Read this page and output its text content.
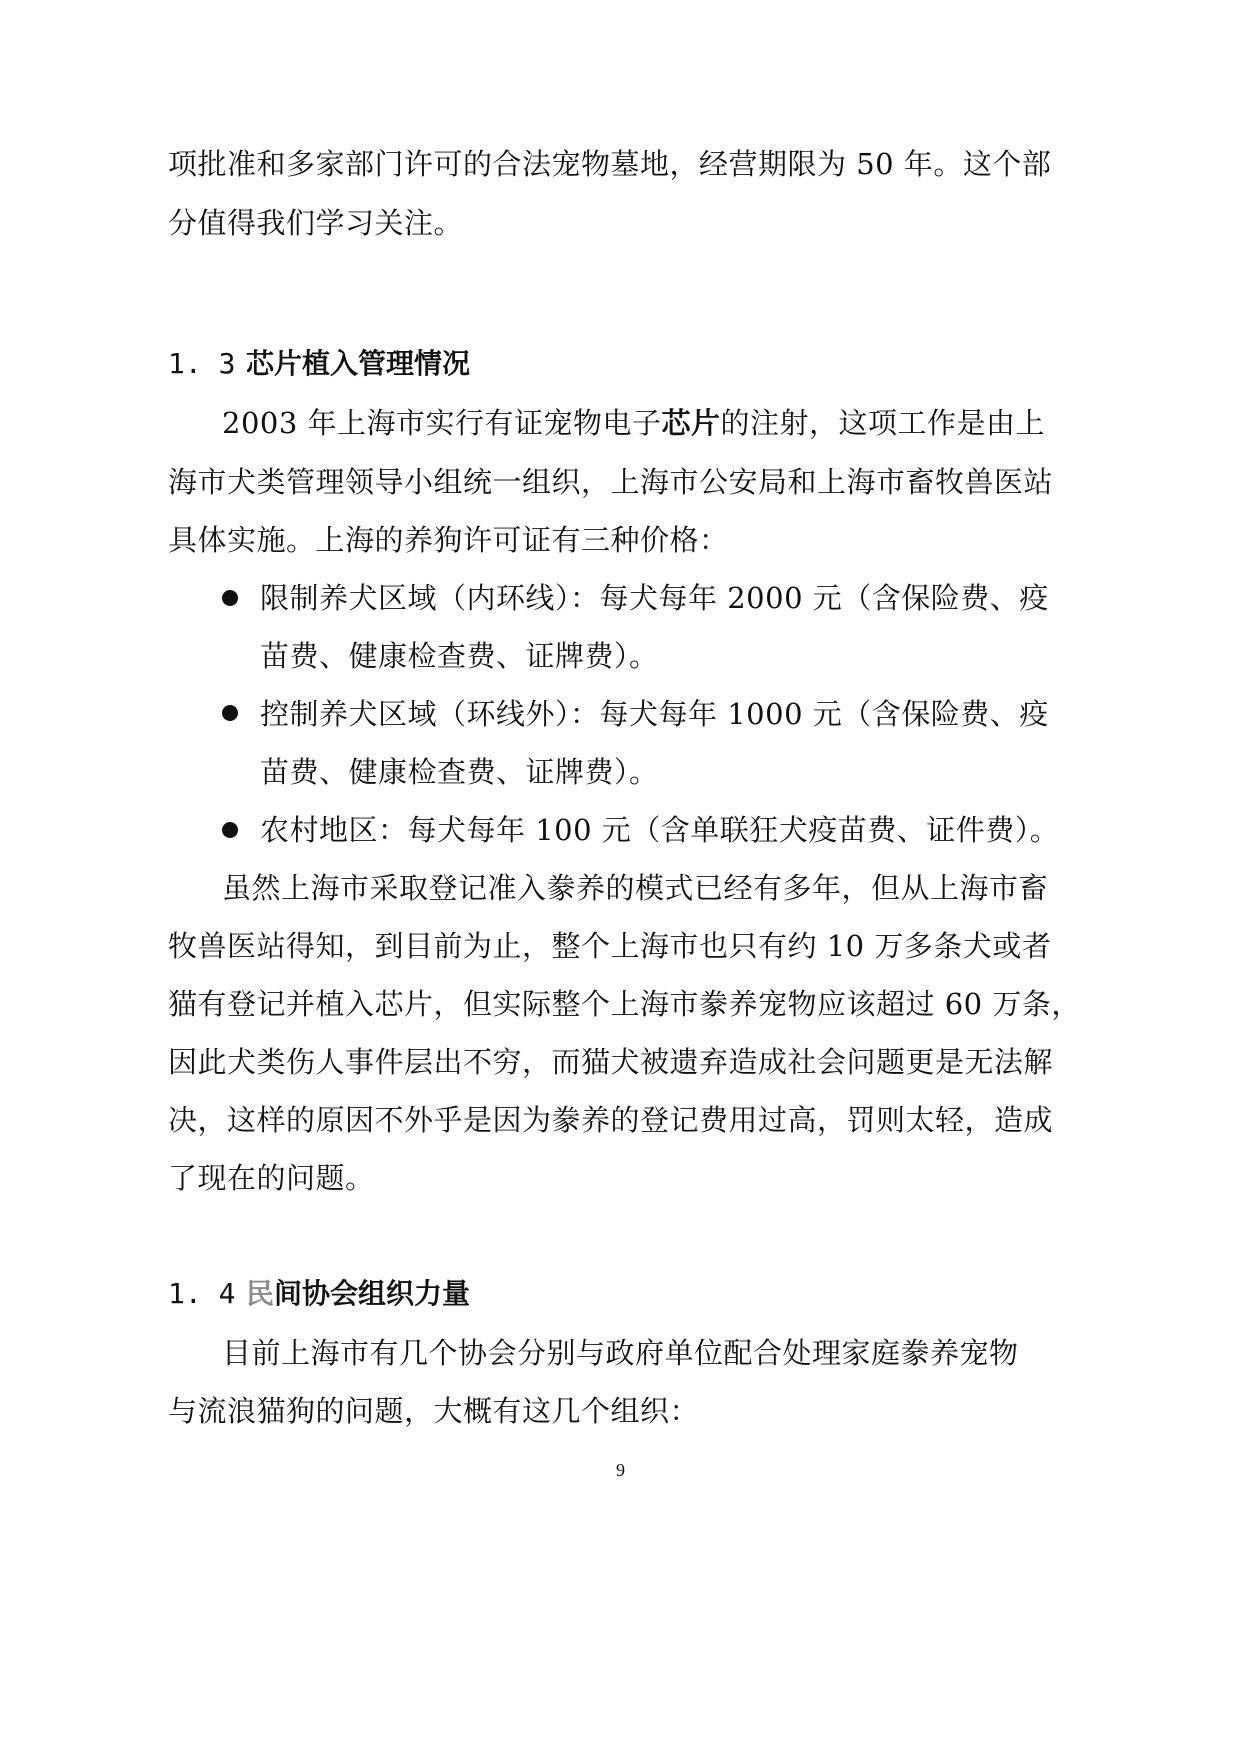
项批准和多家部门许可的合法宠物墓地，经营期限为 50 年。这个部
分值得我们学习关注。
1. 3 芯片植入管理情况
2003 年上海市实行有证宠物电子芯片的注射，这项工作是由上
海市犬类管理领导小组统一组织，上海市公安局和上海市畜牧兽医站
具体实施。上海的养狗许可证有三种价格：
限制养犬区域（内环线）：每犬每年 2000 元（含保险费、疫
苗费、健康检查费、证牌费）。
控制养犬区域（环线外）：每犬每年 1000 元（含保险费、疫
苗费、健康检查费、证牌费）。
农村地区：每犬每年 100 元（含单联狂犬疫苗费、证件费）。
虽然上海市采取登记准入豢养的模式已经有多年，但从上海市畜
牧兽医站得知，到目前为止，整个上海市也只有约 10 万多条犬或者
猫有登记并植入芯片，但实际整个上海市豢养宠物应该超过 60 万条，
因此犬类伤人事件层出不穷，而猫犬被遗弃造成社会问题更是无法解
决，这样的原因不外乎是因为豢养的登记费用过高，罚则太轻，造成
了现在的问题。
1. 4 民间协会组织力量
目前上海市有几个协会分别与政府单位配合处理家庭豢养宠物
与流浪猫狗的问题，大概有这几个组织：
9
